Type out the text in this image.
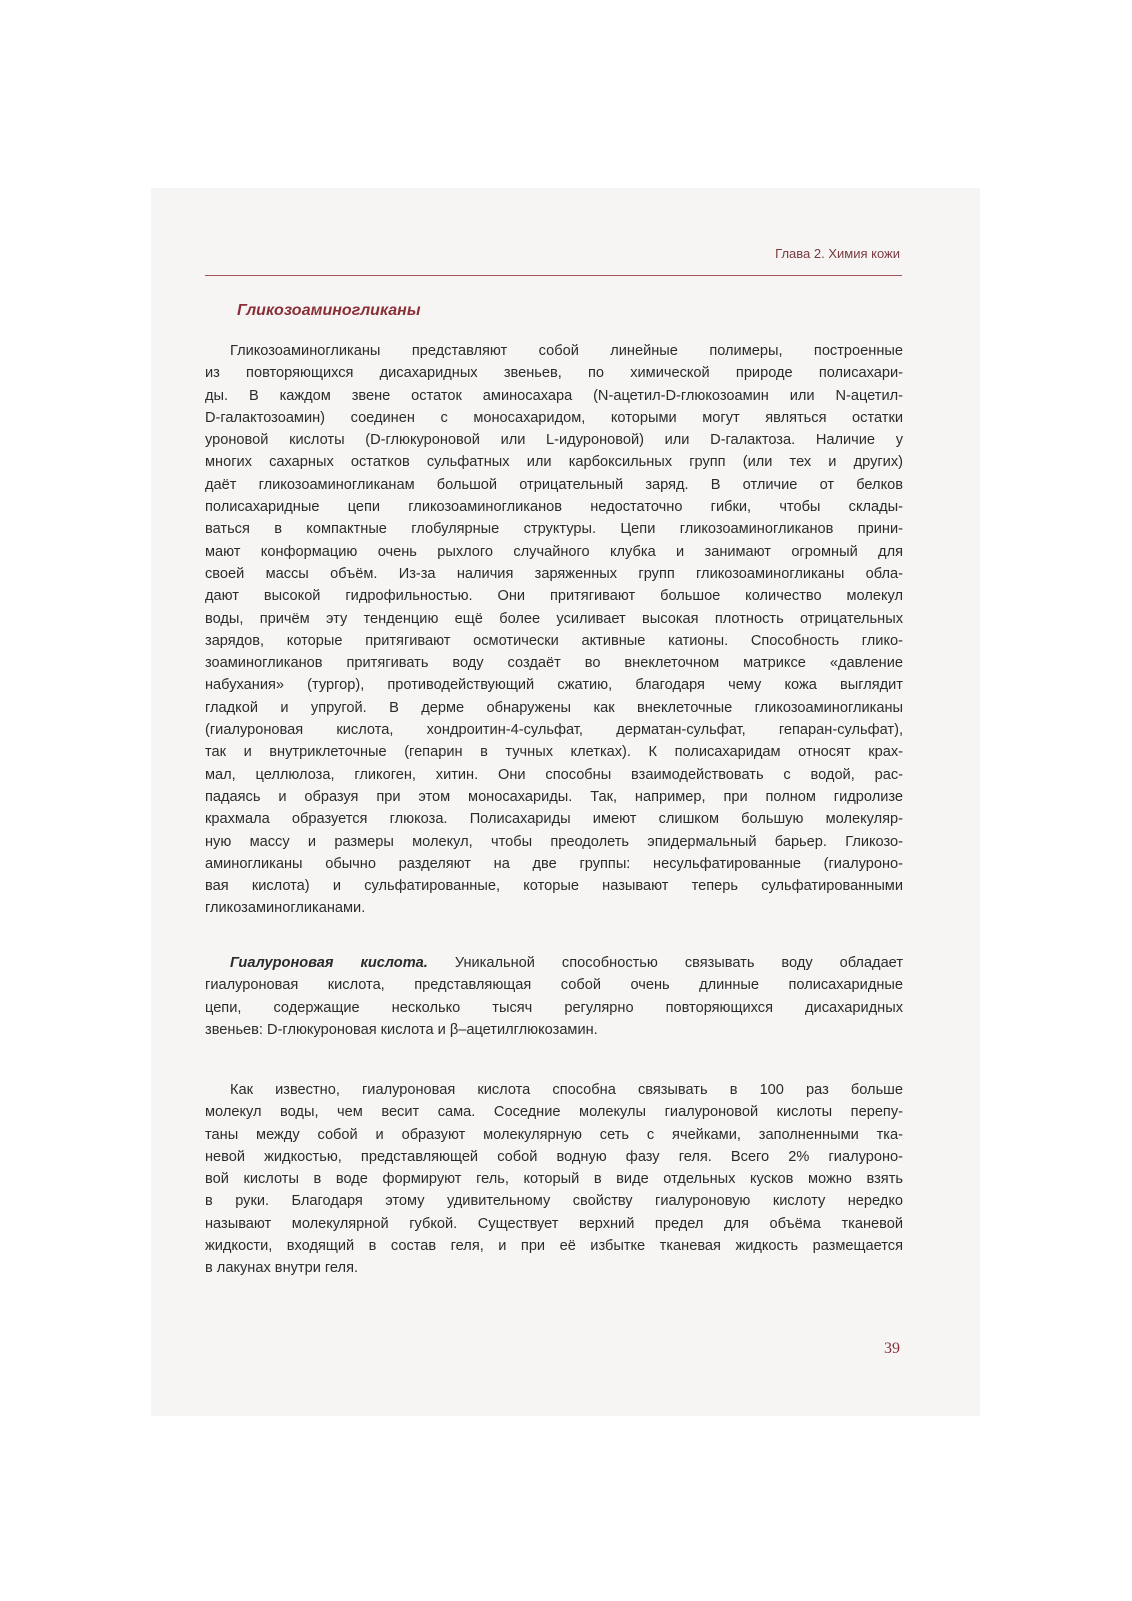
Глава 2. Химия кожи
Гликозоаминогликаны
Гликозоаминогликаны представляют собой линейные полимеры, построенные
из повторяющихся дисахаридных звеньев, по химической природе полисахари-
ды. В каждом звене остаток аминосахара (N-ацетил-D-глюкозоамин или N-ацетил-
D-галактозоамин) соединен с моносахаридом, которыми могут являться остатки
уроновой кислоты (D-глюкуроновой или L-идуроновой) или D-галактоза. Наличие у
многих сахарных остатков сульфатных или карбоксильных групп (или тех и других)
даёт гликозоаминогликанам большой отрицательный заряд. В отличие от белков
полисахаридные цепи гликозоаминогликанов недостаточно гибки, чтобы склады-
ваться в компактные глобулярные структуры. Цепи гликозоаминогликанов прини-
мают конформацию очень рыхлого случайного клубка и занимают огромный для
своей массы объём. Из-за наличия заряженных групп гликозоаминогликаны обла-
дают высокой гидрофильностью. Они притягивают большое количество молекул
воды, причём эту тенденцию ещё более усиливает высокая плотность отрицательных
зарядов, которые притягивают осмотически активные катионы. Способность глико-
зоаминогликанов притягивать воду создаёт во внеклеточном матриксе «давление
набухания» (тургор), противодействующий сжатию, благодаря чему кожа выглядит
гладкой и упругой. В дерме обнаружены как внеклеточные гликозоаминогликаны
(гиалуроновая кислота, хондроитин-4-сульфат, дерматан-сульфат, гепаран-сульфат),
так и внутриклеточные (гепарин в тучных клетках). К полисахаридам относят крах-
мал, целлюлоза, гликоген, хитин. Они способны взаимодействовать с водой, рас-
падаясь и образуя при этом моносахариды. Так, например, при полном гидролизе
крахмала образуется глюкоза. Полисахариды имеют слишком большую молекуляр-
ную массу и размеры молекул, чтобы преодолеть эпидермальный барьер. Гликозо-
аминогликаны обычно разделяют на две группы: несульфатированные (гиалуроно-
вая кислота) и сульфатированные, которые называют теперь сульфатированными
гликозаминогликанами.
Гиалуроновая кислота. Уникальной способностью связывать воду обладает
гиалуроновая кислота, представляющая собой очень длинные полисахаридные
цепи, содержащие несколько тысяч регулярно повторяющихся дисахаридных
звеньев: D-глюкуроновая кислота и β–ацетилглюкозамин.
Как известно, гиалуроновая кислота способна связывать в 100 раз больше
молекул воды, чем весит сама. Соседние молекулы гиалуроновой кислоты перепу-
таны между собой и образуют молекулярную сеть с ячейками, заполненными тка-
невой жидкостью, представляющей собой водную фазу геля. Всего 2% гиалуроно-
вой кислоты в воде формируют гель, который в виде отдельных кусков можно взять
в руки. Благодаря этому удивительному свойству гиалуроновую кислоту нередко
называют молекулярной губкой. Существует верхний предел для объёма тканевой
жидкости, входящий в состав геля, и при её избытке тканевая жидкость размещается
в лакунах внутри геля.
39
